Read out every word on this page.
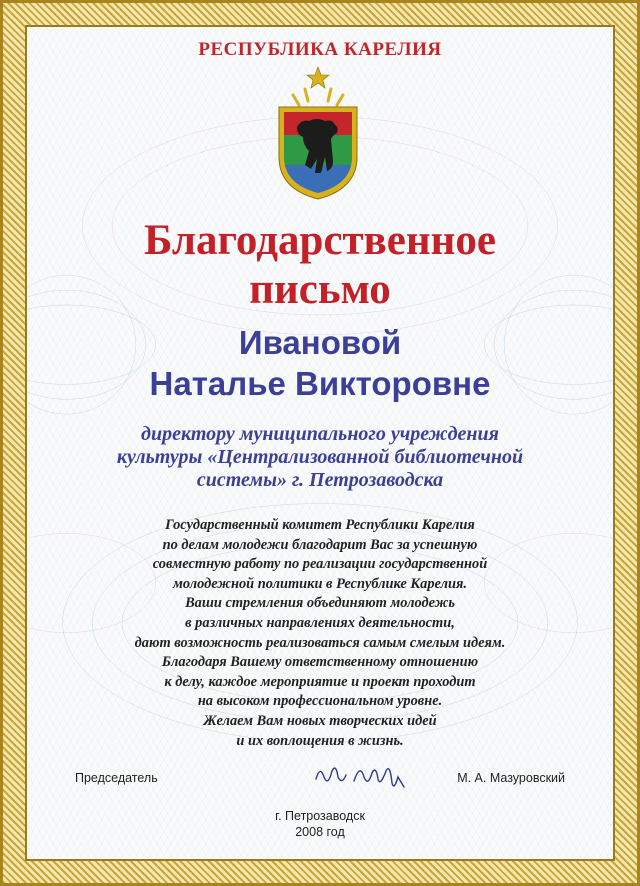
РЕСПУБЛИКА КАРЕЛИЯ
Благодарственное
письмо
Ивановой
Наталье Викторовне
директору муниципального учреждения
культуры «Централизованной библиотечной
системы» г. Петрозаводска
Государственный комитет Республики Карелия
по делам молодежи благодарит Вас за успешную
совместную работу по реализации государственной
молодежной политики в Республике Карелия.
Ваши стремления объединяют молодежь
в различных направлениях деятельности,
дают возможность реализоваться самым смелым идеям.
Благодаря Вашему ответственному отношению
к делу, каждое мероприятие и проект проходит
на высоком профессиональном уровне.
Желаем Вам новых творческих идей
и их воплощения в жизнь.
Председатель	М. А. Мазуровский
г. Петрозаводск
2008 год
